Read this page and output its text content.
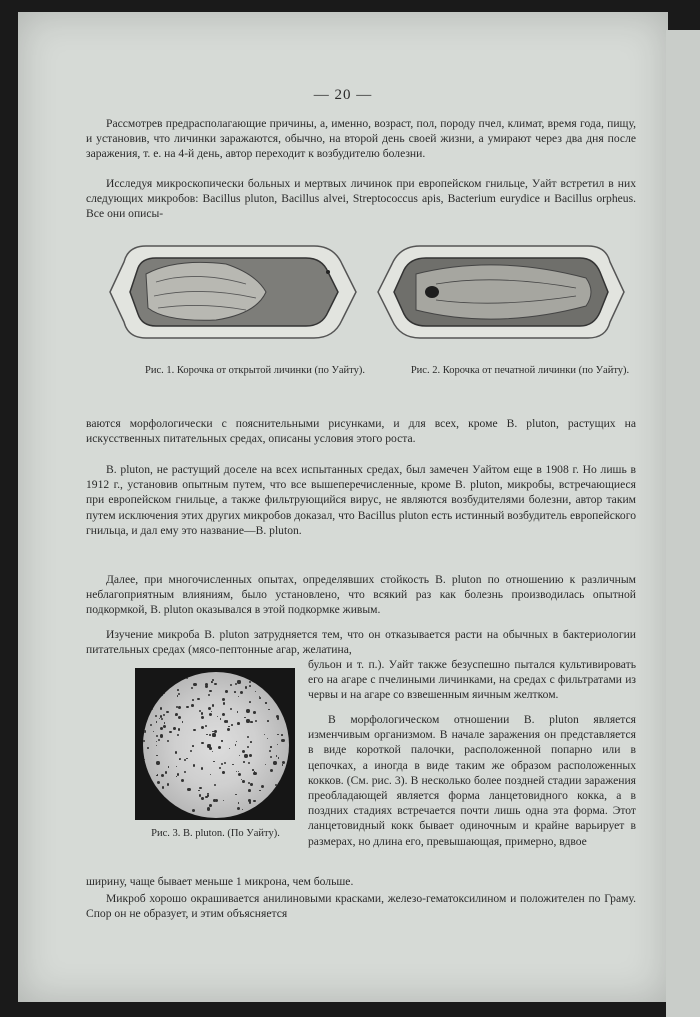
— 20 —

Рассмотрев предрасполагающие причины, а, именно, возраст, пол, породу пчел, климат, время года, пищу, и установив, что личинки заражаются, обычно, на второй день своей жизни, а умирают через два дня после заражения, т. е. на 4-й день, автор переходит к возбудителю болезни.

Исследуя микроскопически больных и мертвых личинок при европейском гнильце, Уайт встретил в них следующих микробов: Bacillus pluton, Bacillus alvei, Streptococcus apis, Bacterium eurydice и Bacillus orpheus. Все они описы-

Рис. 1. Корочка от открытой личинки (по Уайту).	Рис. 2. Корочка от печатной личинки (по Уайту).

ваются морфологически с пояснительными рисунками, и для всех, кроме B. pluton, растущих на искусственных питательных средах, описаны условия этого роста.

B. pluton, не растущий доселе на всех испытанных средах, был замечен Уайтом еще в 1908 г. Но лишь в 1912 г., установив опытным путем, что все вышеперечисленные, кроме B. pluton, микробы, встречающиеся при европейском гнильце, а также фильтрующийся вирус, не являются возбудителями болезни, автор таким путем исключения этих других микробов доказал, что Bacillus pluton есть истинный возбудитель европейского гнильца, и дал ему это название—B. pluton.

Далее, при многочисленных опытах, определявших стойкость B. pluton по отношению к различным неблагоприятным влияниям, было установлено, что всякий раз как болезнь производилась опытной подкормкой, B. pluton оказывался в этой подкормке живым.

Изучение микроба B. pluton затрудняется тем, что он отказывается расти на обычных в бактериологии питательных средах (мясо-пептонные агар, желатина,

бульон и т. п.). Уайт также безуспешно пытался культивировать его на агаре с пчелиными личинками, на средах с фильтратами из червы и на агаре со взвешенным яичным желтком.

В морфологическом отношении B. pluton является изменчивым организмом. В начале заражения он представляется в виде короткой палочки, расположенной попарно или в цепочках, а иногда в виде таким же образом расположенных кокков. (См. рис. 3). В несколько более поздней стадии заражения преобладающей является форма ланцетовидного кокка, а в поздних стадиях встречается почти лишь одна эта форма. Этот ланцетовидный кокк бывает одиночным и крайне варьирует в размерах, но длина его, превышающая, примерно, вдвое

ширину, чаще бывает меньше 1 микрона, чем больше.

Микроб хорошо окрашивается анилиновыми красками, железо-гематоксилином и положителен по Граму. Спор он не образует, и этим объясняется

Рис. 3. B. pluton. (По Уайту).
